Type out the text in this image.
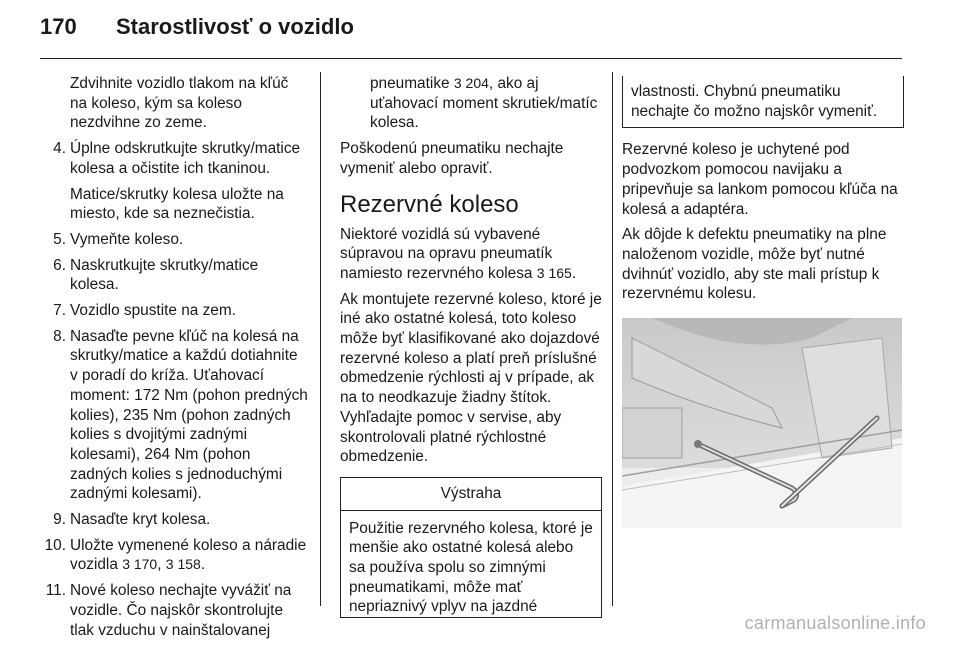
170	Starostlivosť o vozidlo

Zdvihnite vozidlo tlakom na kľúč na koleso, kým sa koleso nezdvihne zo zeme.

4. Úplne odskrutkujte skrutky/matice kolesa a očistite ich tkaninou.

Matice/skrutky kolesa uložte na miesto, kde sa neznečistia.

5. Vymeňte koleso.
6. Naskrutkujte skrutky/matice kolesa.
7. Vozidlo spustite na zem.
8. Nasaďte pevne kľúč na kolesá na skrutky/matice a každú dotiahnite v poradí do kríža. Uťahovací moment: 172 Nm (pohon predných kolies), 235 Nm (pohon zadných kolies s dvojitými zadnými kolesami), 264 Nm (pohon zadných kolies s jednoduchými zadnými kolesami).
9. Nasaďte kryt kolesa.
10. Uložte vymenené koleso a náradie vozidla 3 170, 3 158.
11. Nové koleso nechajte vyvážiť na vozidle. Čo najskôr skontrolujte tlak vzduchu v nainštalovanej

pneumatike 3 204, ako aj uťahovací moment skrutiek/matíc kolesa.

Poškodenú pneumatiku nechajte vymeniť alebo opraviť.

Rezervné koleso

Niektoré vozidlá sú vybavené súpravou na opravu pneumatík namiesto rezervného kolesa 3 165.

Ak montujete rezervné koleso, ktoré je iné ako ostatné kolesá, toto koleso môže byť klasifikované ako dojazdové rezervné koleso a platí preň príslušné obmedzenie rýchlosti aj v prípade, ak na to neodkazuje žiadny štítok. Vyhľadajte pomoc v servise, aby skontrolovali platné rýchlostné obmedzenie.

Výstraha
Použitie rezervného kolesa, ktoré je menšie ako ostatné kolesá alebo sa používa spolu so zimnými pneumatikami, môže mať nepriaznivý vplyv na jazdné
vlastnosti. Chybnú pneumatiku nechajte čo možno najskôr vymeniť.

Rezervné koleso je uchytené pod podvozkom pomocou navijaku a pripevňuje sa lankom pomocou kľúča na kolesá a adaptéra.

Ak dôjde k defektu pneumatiky na plne naloženom vozidle, môže byť nutné dvihnúť vozidlo, aby ste mali prístup k rezervnému kolesu.

carmanualsonline.info
